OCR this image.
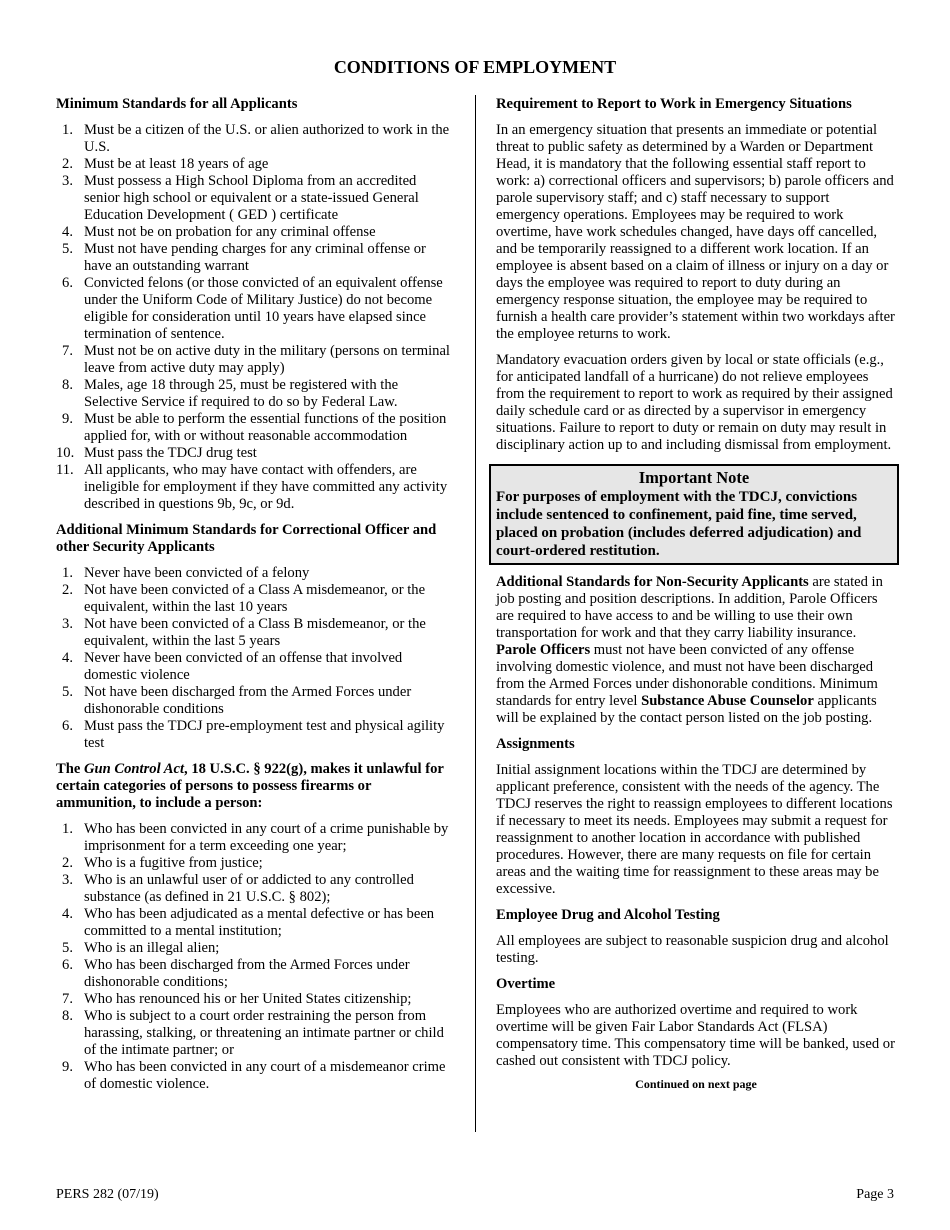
CONDITIONS OF EMPLOYMENT

Minimum Standards for all Applicants

1. Must be a citizen of the U.S. or alien authorized to work in the U.S.
2. Must be at least 18 years of age
3. Must possess a High School Diploma from an accredited senior high school or equivalent or a state-issued General Education Development ( GED ) certificate
4. Must not be on probation for any criminal offense
5. Must not have pending charges for any criminal offense or have an outstanding warrant
6. Convicted felons (or those convicted of an equivalent offense under the Uniform Code of Military Justice) do not become eligible for consideration until 10 years have elapsed since termination of sentence.
7. Must not be on active duty in the military (persons on terminal leave from active duty may apply)
8. Males, age 18 through 25, must be registered with the Selective Service if required to do so by Federal Law.
9. Must be able to perform the essential functions of the position applied for, with or without reasonable accommodation
10. Must pass the TDCJ drug test
11. All applicants, who may have contact with offenders, are ineligible for employment if they have committed any activity described in questions 9b, 9c, or 9d.

Additional Minimum Standards for Correctional Officer and other Security Applicants

1. Never have been convicted of a felony
2. Not have been convicted of a Class A misdemeanor, or the equivalent, within the last 10 years
3. Not have been convicted of a Class B misdemeanor, or the equivalent, within the last 5 years
4. Never have been convicted of an offense that involved domestic violence
5. Not have been discharged from the Armed Forces under dishonorable conditions
6. Must pass the TDCJ pre-employment test and physical agility test

The Gun Control Act, 18 U.S.C. § 922(g), makes it unlawful for certain categories of persons to possess firearms or ammunition, to include a person:

1. Who has been convicted in any court of a crime punishable by imprisonment for a term exceeding one year;
2. Who is a fugitive from justice;
3. Who is an unlawful user of or addicted to any controlled substance (as defined in 21 U.S.C. § 802);
4. Who has been adjudicated as a mental defective or has been committed to a mental institution;
5. Who is an illegal alien;
6. Who has been discharged from the Armed Forces under dishonorable conditions;
7. Who has renounced his or her United States citizenship;
8. Who is subject to a court order restraining the person from harassing, stalking, or threatening an intimate partner or child of the intimate partner; or
9. Who has been convicted in any court of a misdemeanor crime of domestic violence.

Requirement to Report to Work in Emergency Situations

In an emergency situation that presents an immediate or potential threat to public safety as determined by a Warden or Department Head, it is mandatory that the following essential staff report to work: a) correctional officers and supervisors; b) parole officers and parole supervisory staff; and c) staff necessary to support emergency operations. Employees may be required to work overtime, have work schedules changed, have days off cancelled, and be temporarily reassigned to a different work location. If an employee is absent based on a claim of illness or injury on a day or days the employee was required to report to duty during an emergency response situation, the employee may be required to furnish a health care provider’s statement within two workdays after the employee returns to work.

Mandatory evacuation orders given by local or state officials (e.g., for anticipated landfall of a hurricane) do not relieve employees from the requirement to report to work as required by their assigned daily schedule card or as directed by a supervisor in emergency situations. Failure to report to duty or remain on duty may result in disciplinary action up to and including dismissal from employment.

Important Note
For purposes of employment with the TDCJ, convictions include sentenced to confinement, paid fine, time served, placed on probation (includes deferred adjudication) and court-ordered restitution.

Additional Standards for Non-Security Applicants are stated in job posting and position descriptions. In addition, Parole Officers are required to have access to and be willing to use their own transportation for work and that they carry liability insurance. Parole Officers must not have been convicted of any offense involving domestic violence, and must not have been discharged from the Armed Forces under dishonorable conditions. Minimum standards for entry level Substance Abuse Counselor applicants will be explained by the contact person listed on the job posting.

Assignments

Initial assignment locations within the TDCJ are determined by applicant preference, consistent with the needs of the agency. The TDCJ reserves the right to reassign employees to different locations if necessary to meet its needs. Employees may submit a request for reassignment to another location in accordance with published procedures. However, there are many requests on file for certain areas and the waiting time for reassignment to these areas may be excessive.

Employee Drug and Alcohol Testing

All employees are subject to reasonable suspicion drug and alcohol testing.

Overtime

Employees who are authorized overtime and required to work overtime will be given Fair Labor Standards Act (FLSA) compensatory time. This compensatory time will be banked, used or cashed out consistent with TDCJ policy.

Continued on next page
PERS 282 (07/19)	Page 3
